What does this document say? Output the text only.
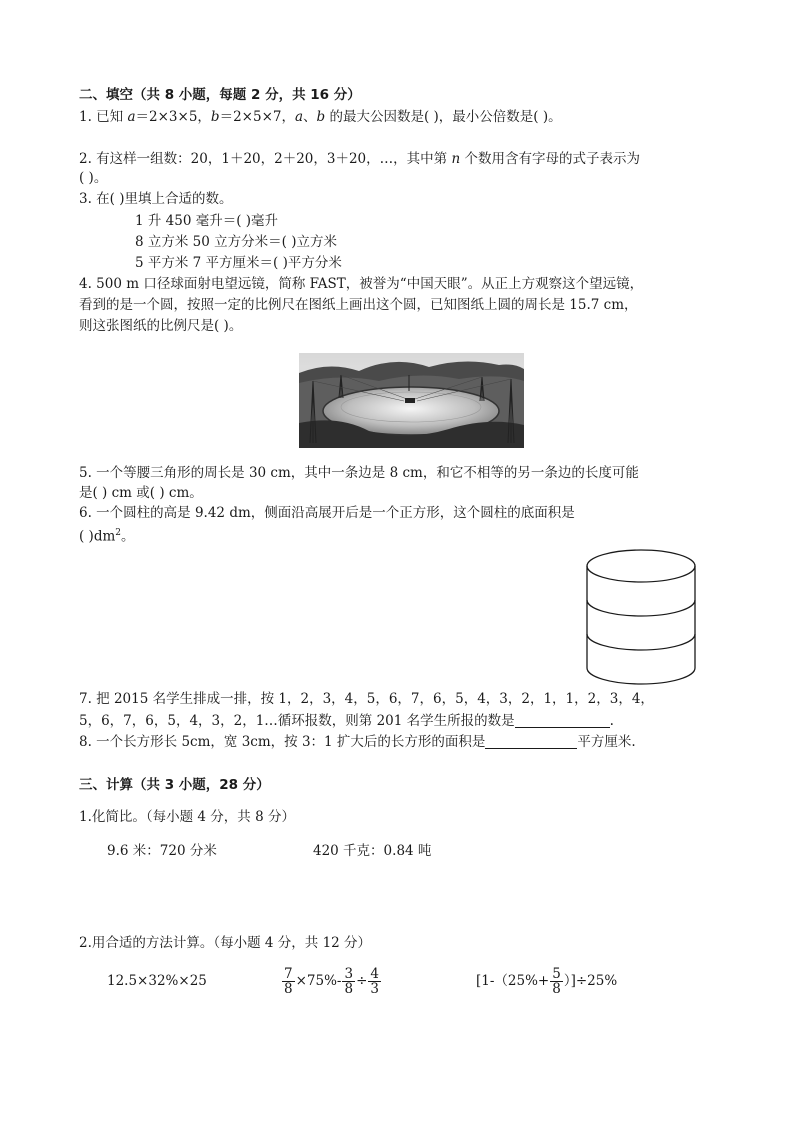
二、填空（共 8 小题，每题 2 分，共 16 分）
1. 已知 a＝2×3×5，b＝2×5×7，a、b 的最大公因数是( )，最小公倍数是( )。
2. 有这样一组数：20，1＋20，2＋20，3＋20，…，其中第 n 个数用含有字母的式子表示为
( )。
3. 在( )里填上合适的数。
1 升 450 毫升＝( )毫升
8 立方米 50 立方分米＝( )立方米
5 平方米 7 平方厘米＝( )平方分米
4. 500 m 口径球面射电望远镜，简称 FAST，被誉为“中国天眼”。从正上方观察这个望远镜，
看到的是一个圆，按照一定的比例尺在图纸上画出这个圆，已知图纸上圆的周长是 15.7 cm，
则这张图纸的比例尺是( )。
5. 一个等腰三角形的周长是 30 cm，其中一条边是 8 cm，和它不相等的另一条边的长度可能
是( ) cm 或( ) cm。
6. 一个圆柱的高是 9.42 dm，侧面沿高展开后是一个正方形，这个圆柱的底面积是
( )$dm^2$。
7. 把 2015 名学生排成一排，按 1，2，3，4，5，6，7，6，5，4，3，2，1，1，2，3，4，
5，6，7，6，5，4，3，2，1…循环报数，则第 201 名学生所报的数是	.
8. 一个长方形长 5cm，宽 3cm，按 3：1 扩大后的长方形的面积是	平方厘米.
三、计算（共 3 小题，28 分）
1.化简比。（每小题 4 分，共 8 分）
9.6 米：720 分米	420 千克：0.84 吨
2.用合适的方法计算。（每小题 4 分，共 12 分）
12.5×32%×25	$\frac{7}{8} \times 75\%- \frac{3}{8} \div \frac{4}{3}$	$[1-(25\%+ \frac{5}{8} )]\div 25\%$
